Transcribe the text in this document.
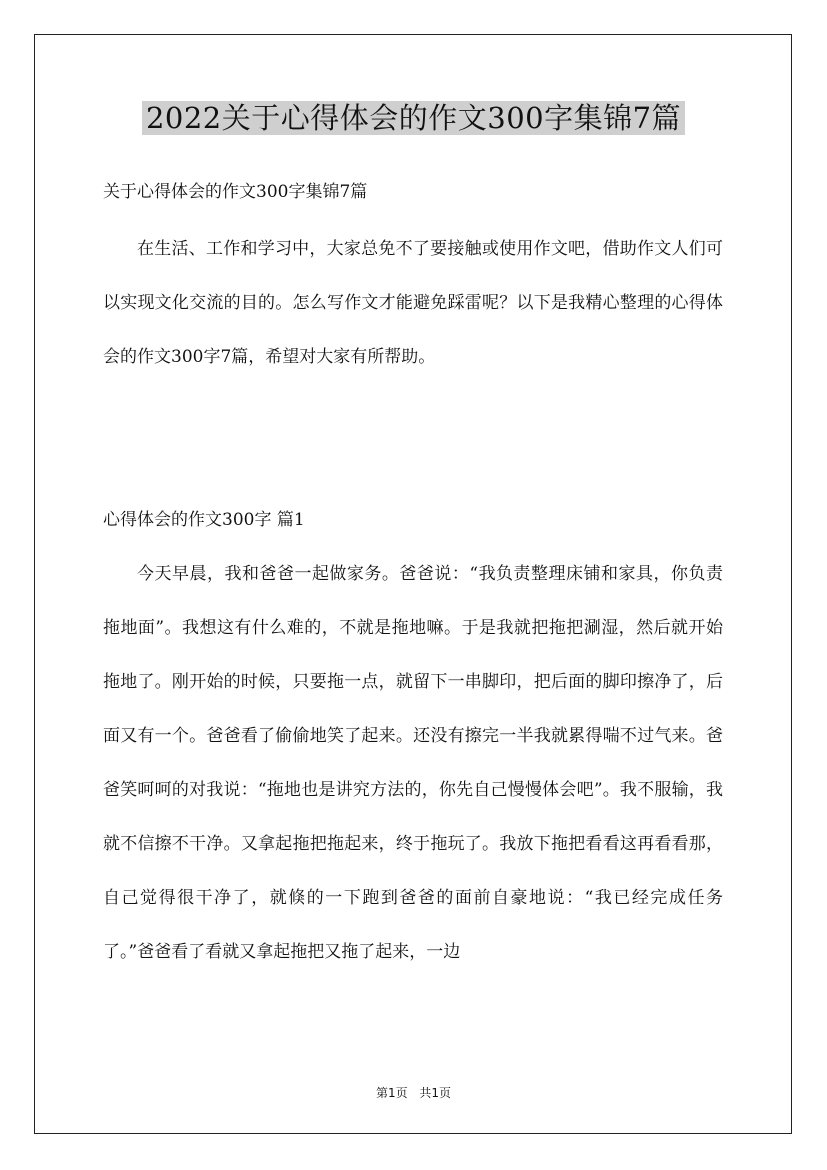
2022关于心得体会的作文300字集锦7篇
关于心得体会的作文300字集锦7篇

在生活、工作和学习中，大家总免不了要接触或使用作文吧，借助作文人们可以实现文化交流的目的。怎么写作文才能避免踩雷呢？以下是我精心整理的心得体会的作文300字7篇，希望对大家有所帮助。

心得体会的作文300字 篇1

今天早晨，我和爸爸一起做家务。爸爸说：“我负责整理床铺和家具，你负责拖地面”。我想这有什么难的，不就是拖地嘛。于是我就把拖把涮湿，然后就开始拖地了。刚开始的时候，只要拖一点，就留下一串脚印，把后面的脚印擦净了，后面又有一个。爸爸看了偷偷地笑了起来。还没有擦完一半我就累得喘不过气来。爸爸笑呵呵的对我说：“拖地也是讲究方法的，你先自己慢慢体会吧”。我不服输，我就不信擦不干净。又拿起拖把拖起来，终于拖玩了。我放下拖把看看这再看看那，自己觉得很干净了，就倏的一下跑到爸爸的面前自豪地说：“我已经完成任务了。”爸爸看了看就又拿起拖把又拖了起来，一边

第1页 共1页
